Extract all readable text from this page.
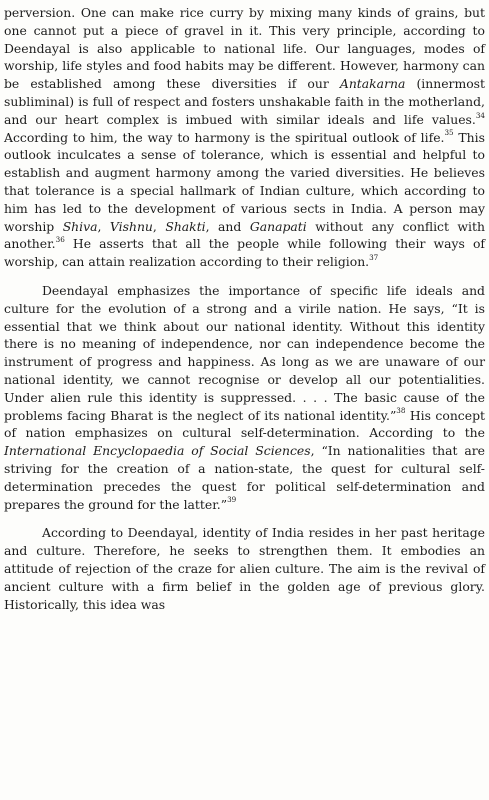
perversion. One can make rice curry by mixing many kinds of grains, but one cannot put a piece of gravel in it. This very principle, according to Deendayal is also applicable to national life. Our languages, modes of worship, life styles and food habits may be different. However, harmony can be established among these diversities if our Antakarna (innermost subliminal) is full of respect and fosters unshakable faith in the motherland, and our heart complex is imbued with similar ideals and life values.$^{34}$ According to him, the way to harmony is the spiritual outlook of life.$^{35}$ This outlook inculcates a sense of tolerance, which is essential and helpful to establish and augment harmony among the varied diversities. He believes that tolerance is a special hallmark of Indian culture, which according to him has led to the development of various sects in India. A person may worship Shiva, Vishnu, Shakti, and Ganapati without any conflict with another.$^{36}$ He asserts that all the people while following their ways of worship, can attain realization according to their religion.$^{37}$

Deendayal emphasizes the importance of specific life ideals and culture for the evolution of a strong and a virile nation. He says, “It is essential that we think about our national identity. Without this identity there is no meaning of independence, nor can independence become the instrument of progress and happiness. As long as we are unaware of our national identity, we cannot recognise or develop all our potentialities. Under alien rule this identity is suppressed. . . . The basic cause of the problems facing Bharat is the neglect of its national identity.”$^{38}$ His concept of nation emphasizes on cultural self-determination. According to the International Encyclopaedia of Social Sciences, “In nationalities that are striving for the creation of a nation-state, the quest for cultural self-determination precedes the quest for political self-determination and prepares the ground for the latter.”$^{39}$

According to Deendayal, identity of India resides in her past heritage and culture. Therefore, he seeks to strengthen them. It embodies an attitude of rejection of the craze for alien culture. The aim is the revival of ancient culture with a firm belief in the golden age of previous glory. Historically, this idea was
